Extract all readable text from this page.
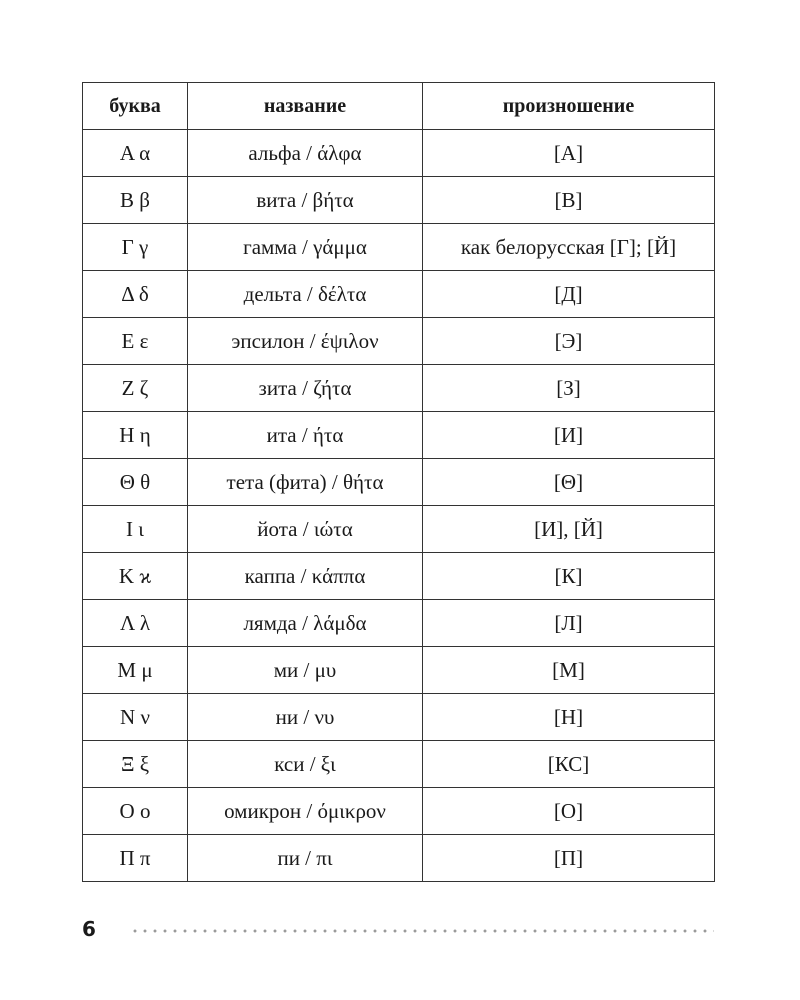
буква	название	произношение
Α α	альфа / άλφα	[А]
Β β	вита / βήτα	[В]
Γ γ	гамма / γάμμα	как белорусская [Г]; [Й]
Δ δ	дельта / δέλτα	[Д]
Ε ε	эпсилон / έψιλον	[Э]
Ζ ζ	зита / ζήτα	[З]
Η η	ита / ήτα	[И]
Θ θ	тета (фита) / θήτα	[Θ]
Ι ι	йота / ιώτα	[И], [Й]
Κ ϰ	каппа / κάππα	[К]
Λ λ	лямда / λάμδα	[Л]
Μ μ	ми / μυ	[М]
Ν ν	ни / νυ	[Н]
Ξ ξ	кси / ξι	[КС]
Ο ο	омикрон / όμικρον	[О]
Π π	пи / πι	[П]
6
